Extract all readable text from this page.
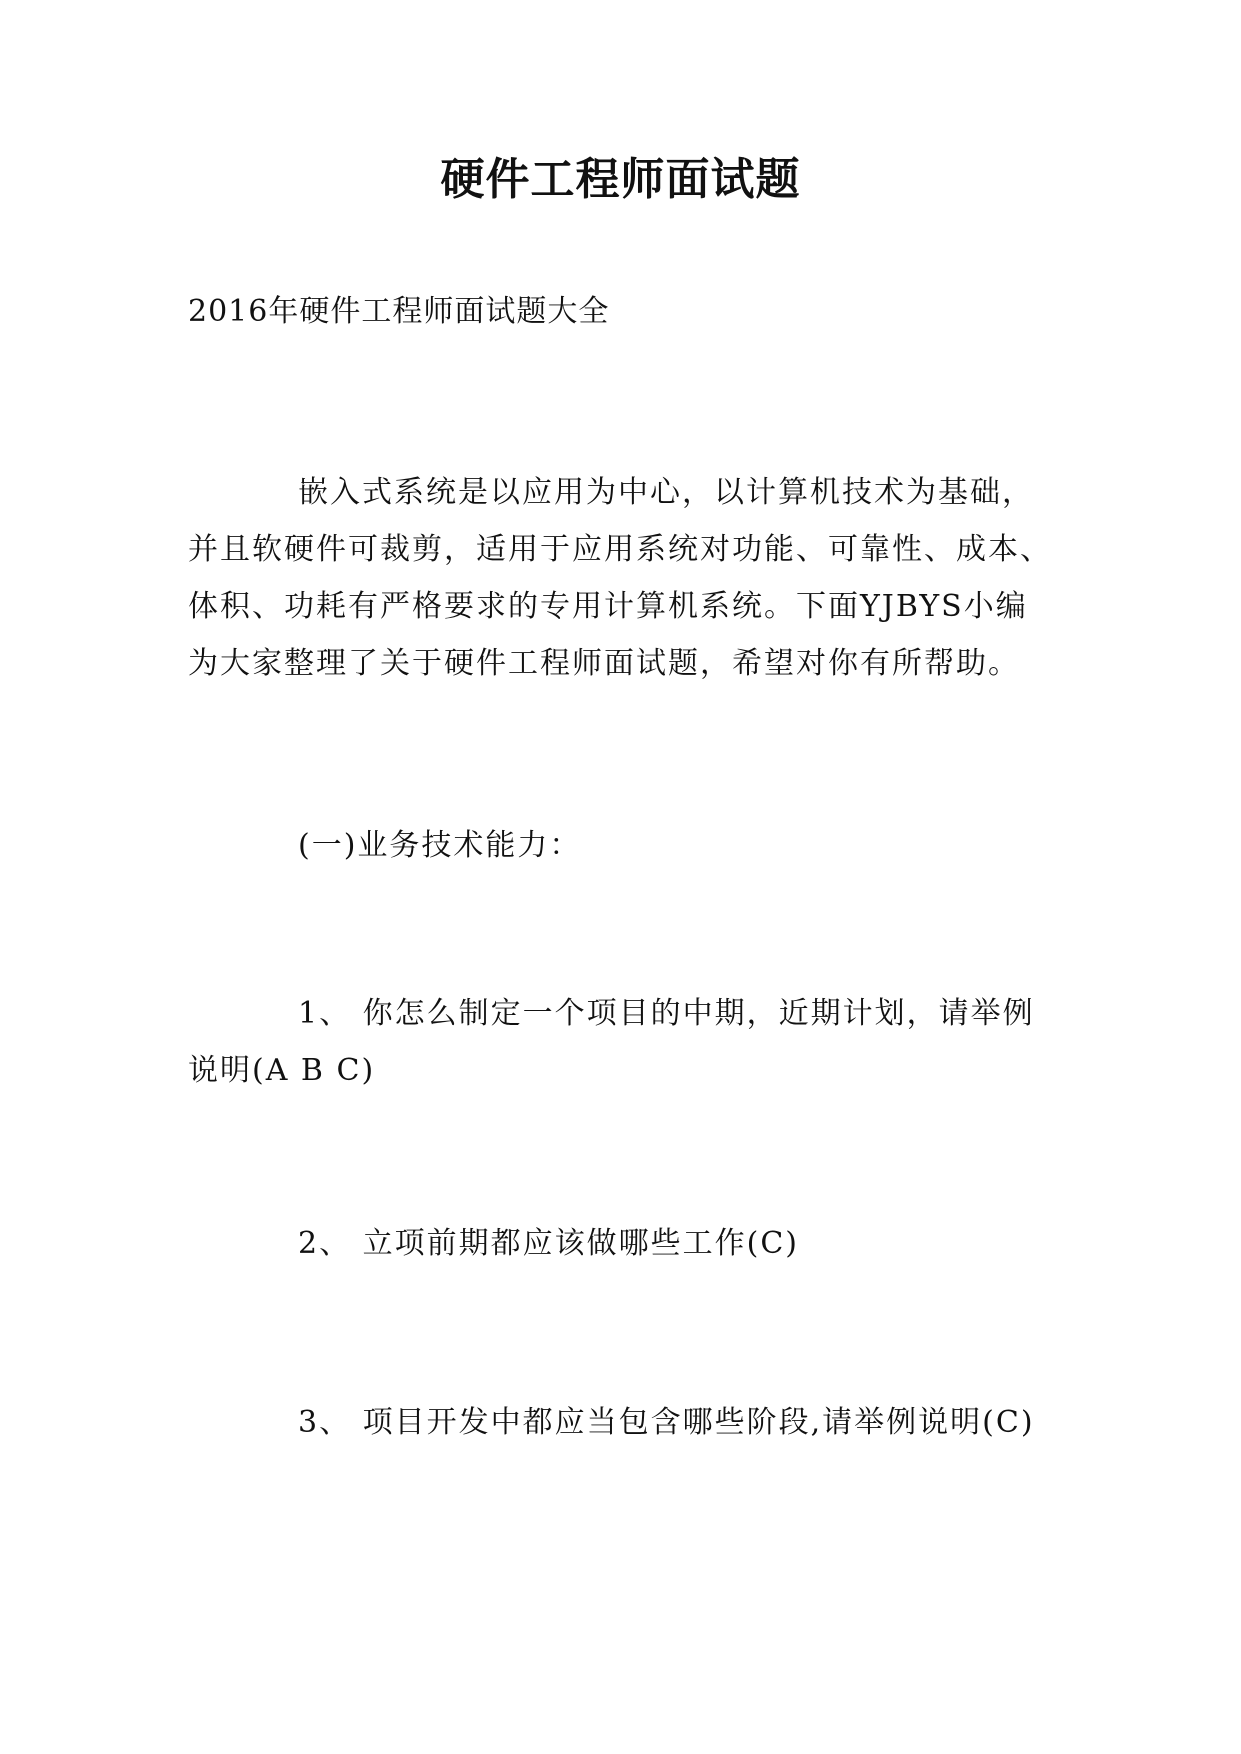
硬件工程师面试题
2016年硬件工程师面试题大全
嵌入式系统是以应用为中心，以计算机技术为基础，
并且软硬件可裁剪，适用于应用系统对功能、可靠性、成本、
体积、功耗有严格要求的专用计算机系统。下面YJBYS小编
为大家整理了关于硬件工程师面试题，希望对你有所帮助。
(一)业务技术能力：
1、 你怎么制定一个项目的中期，近期计划，请举例
说明(A B C)
2、 立项前期都应该做哪些工作(C)
3、 项目开发中都应当包含哪些阶段,请举例说明(C)
